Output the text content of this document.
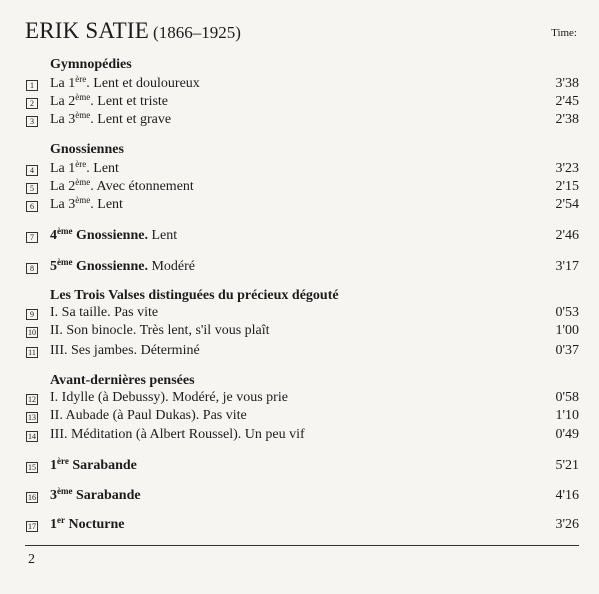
ERIK SATIE (1866–1925)	Time:
Gymnopédies
1 La 1ère. Lent et douloureux	3'38
2 La 2ème. Lent et triste	2'45
3 La 3ème. Lent et grave	2'38
Gnossiennes
4 La 1ère. Lent	3'23
5 La 2ème. Avec étonnement	2'15
6 La 3ème. Lent	2'54
7 4ème Gnossienne. Lent	2'46
8 5ème Gnossienne. Modéré	3'17
Les Trois Valses distinguées du précieux dégouté
9 I. Sa taille. Pas vite	0'53
10 II. Son binocle. Très lent, s'il vous plaît	1'00
11 III. Ses jambes. Déterminé	0'37
Avant-dernières pensées
12 I. Idylle (à Debussy). Modéré, je vous prie	0'58
13 II. Aubade (à Paul Dukas). Pas vite	1'10
14 III. Méditation (à Albert Roussel). Un peu vif	0'49
15 1ère Sarabande	5'21
16 3ème Sarabande	4'16
17 1er Nocturne	3'26
2
